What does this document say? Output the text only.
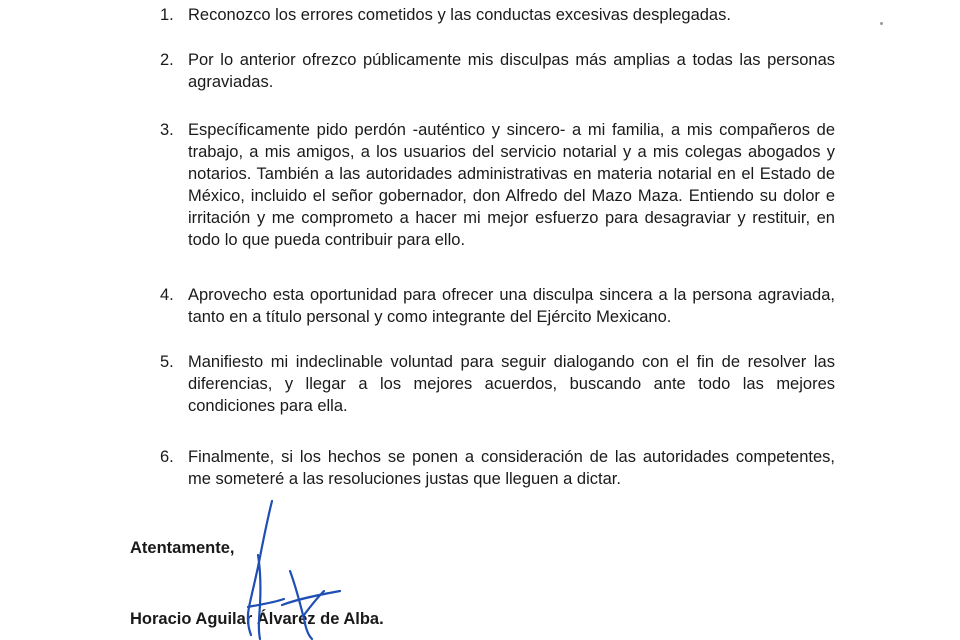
1. Reconozco los errores cometidos y las conductas excesivas desplegadas.
2. Por lo anterior ofrezco públicamente mis disculpas más amplias a todas las personas agraviadas.
3. Específicamente pido perdón -auténtico y sincero- a mi familia, a mis compañeros de trabajo, a mis amigos, a los usuarios del servicio notarial y a mis colegas abogados y notarios. También a las autoridades administrativas en materia notarial en el Estado de México, incluido el señor gobernador, don Alfredo del Mazo Maza. Entiendo su dolor e irritación y me comprometo a hacer mi mejor esfuerzo para desagraviar y restituir, en todo lo que pueda contribuir para ello.
4. Aprovecho esta oportunidad para ofrecer una disculpa sincera a la persona agraviada, tanto en a título personal y como integrante del Ejército Mexicano.
5. Manifiesto mi indeclinable voluntad para seguir dialogando con el fin de resolver las diferencias, y llegar a los mejores acuerdos, buscando ante todo las mejores condiciones para ella.
6. Finalmente, si los hechos se ponen a consideración de las autoridades competentes, me someteré a las resoluciones justas que lleguen a dictar.
Atentamente,
Horacio Aguilar Álvarez de Alba.
